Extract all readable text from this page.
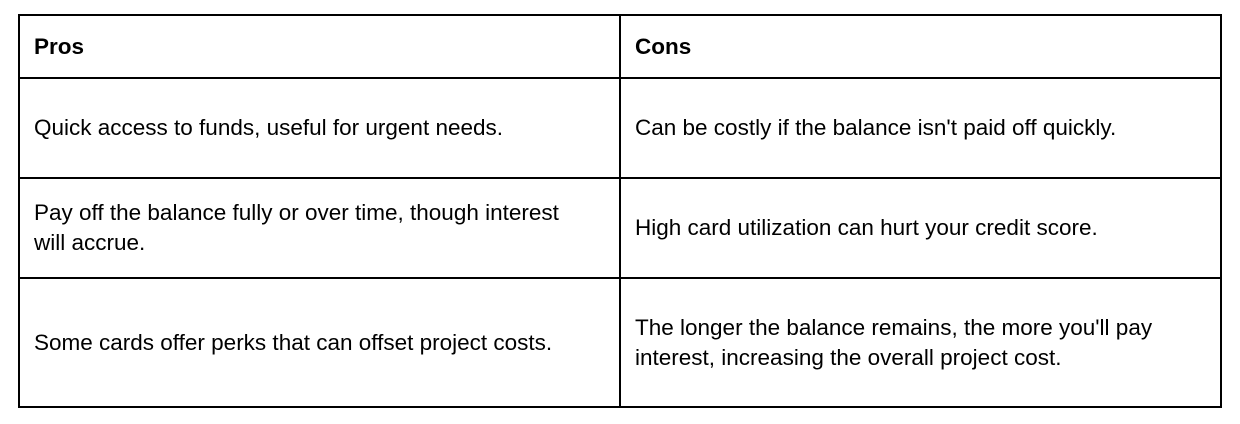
Pros	Cons
Quick access to funds, useful for urgent needs.	Can be costly if the balance isn't paid off quickly.
Pay off the balance fully or over time, though interest will accrue.	High card utilization can hurt your credit score.
Some cards offer perks that can offset project costs.	The longer the balance remains, the more you'll pay interest, increasing the overall project cost.
